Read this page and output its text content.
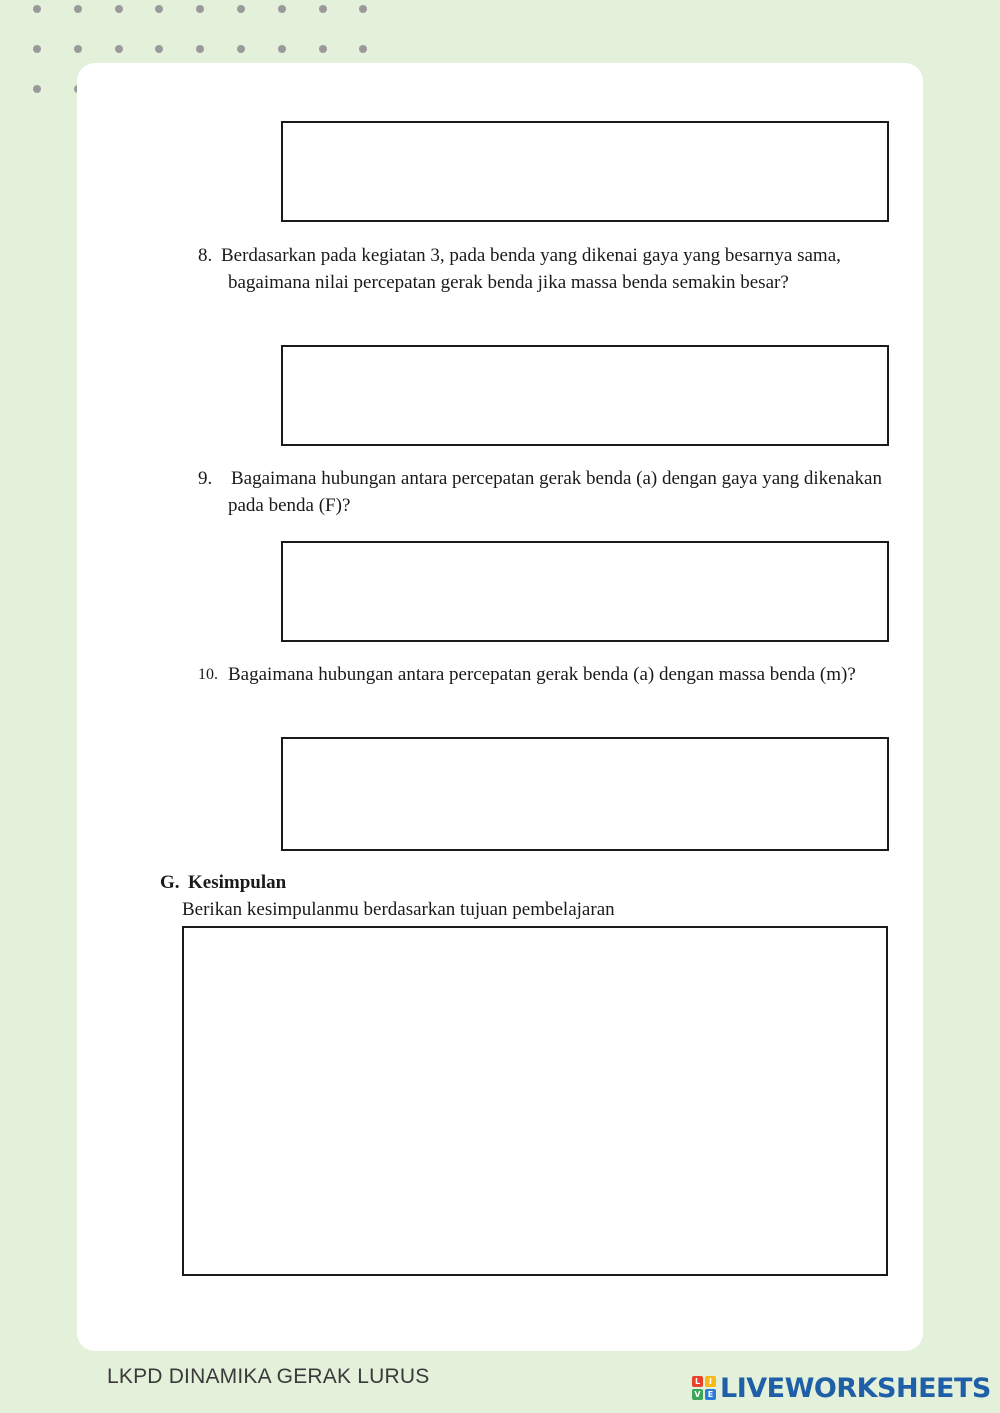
8. Berdasarkan pada kegiatan 3, pada benda yang dikenai gaya yang besarnya sama, bagaimana nilai percepatan gerak benda jika massa benda semakin besar?
9. Bagaimana hubungan antara percepatan gerak benda (a) dengan gaya yang dikenakan pada benda (F)?
10. Bagaimana hubungan antara percepatan gerak benda (a) dengan massa benda (m)?
G. Kesimpulan
Berikan kesimpulanmu berdasarkan tujuan pembelajaran
LKPD DINAMIKA GERAK LURUS	L	I
V E LIVEWORKSHEETS
